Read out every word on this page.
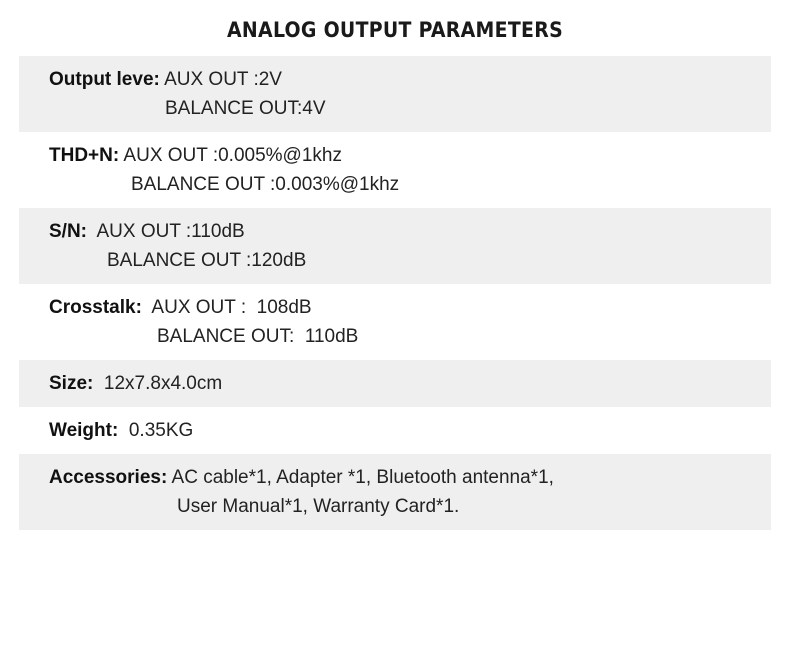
ANALOG OUTPUT PARAMETERS
Output leve: AUX OUT :2V
BALANCE OUT:4V
THD+N: AUX OUT :0.005%@1khz
BALANCE OUT :0.003%@1khz
S/N:  AUX OUT :110dB
BALANCE OUT :120dB
Crosstalk:  AUX OUT :  108dB
BALANCE OUT:  110dB
Size:  12x7.8x4.0cm
Weight:  0.35KG
Accessories: AC cable*1, Adapter *1, Bluetooth antenna*1,
User Manual*1, Warranty Card*1.
